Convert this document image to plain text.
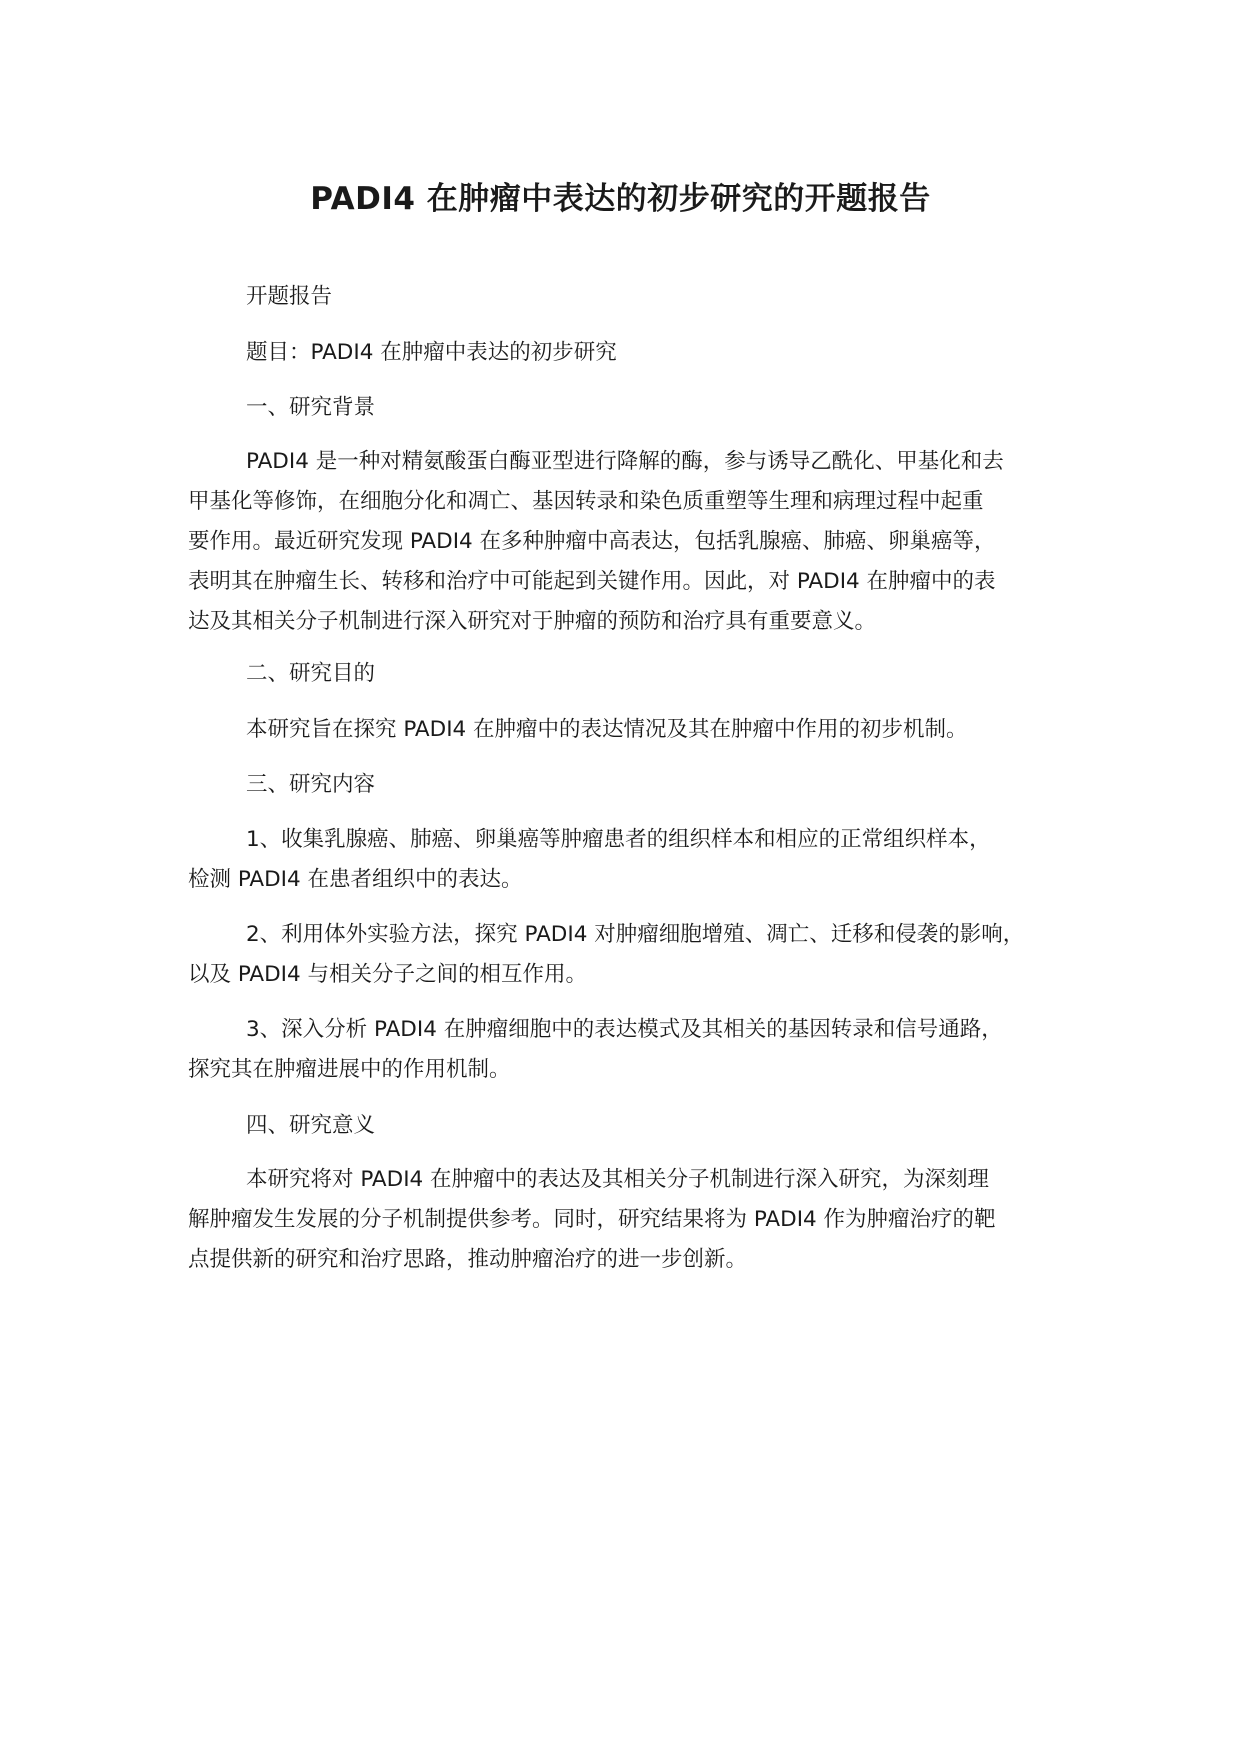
PADI4 在肿瘤中表达的初步研究的开题报告

开题报告

题目：PADI4 在肿瘤中表达的初步研究

一、研究背景

PADI4 是一种对精氨酸蛋白酶亚型进行降解的酶，参与诱导乙酰化、甲基化和去
甲基化等修饰，在细胞分化和凋亡、基因转录和染色质重塑等生理和病理过程中起重
要作用。最近研究发现 PADI4 在多种肿瘤中高表达，包括乳腺癌、肺癌、卵巢癌等，
表明其在肿瘤生长、转移和治疗中可能起到关键作用。因此，对 PADI4 在肿瘤中的表
达及其相关分子机制进行深入研究对于肿瘤的预防和治疗具有重要意义。

二、研究目的

本研究旨在探究 PADI4 在肿瘤中的表达情况及其在肿瘤中作用的初步机制。

三、研究内容

1、收集乳腺癌、肺癌、卵巢癌等肿瘤患者的组织样本和相应的正常组织样本，
检测 PADI4 在患者组织中的表达。

2、利用体外实验方法，探究 PADI4 对肿瘤细胞增殖、凋亡、迁移和侵袭的影响，
以及 PADI4 与相关分子之间的相互作用。

3、深入分析 PADI4 在肿瘤细胞中的表达模式及其相关的基因转录和信号通路，
探究其在肿瘤进展中的作用机制。

四、研究意义

本研究将对 PADI4 在肿瘤中的表达及其相关分子机制进行深入研究，为深刻理
解肿瘤发生发展的分子机制提供参考。同时，研究结果将为 PADI4 作为肿瘤治疗的靶
点提供新的研究和治疗思路，推动肿瘤治疗的进一步创新。
